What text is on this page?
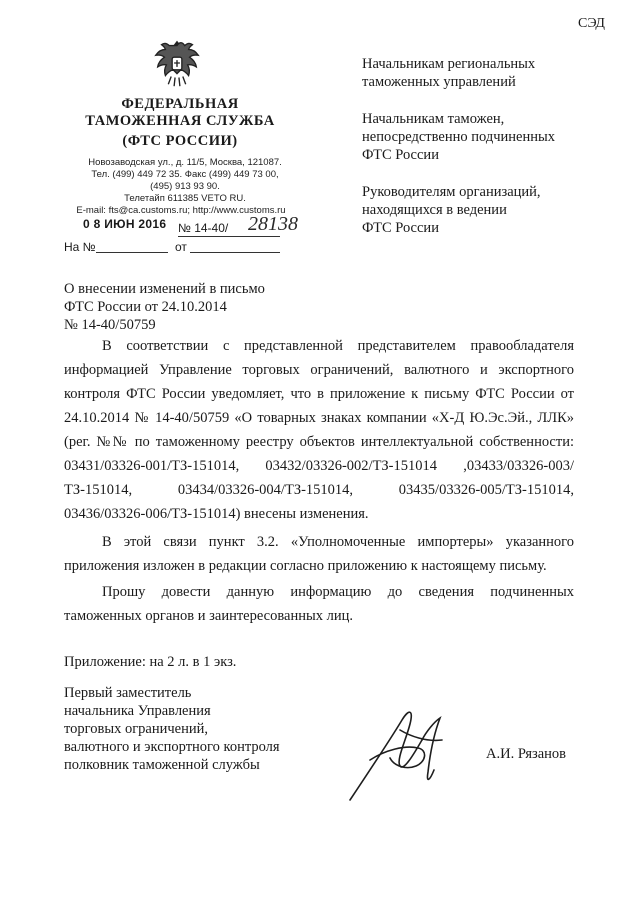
СЭД
ФЕДЕРАЛЬНАЯ
ТАМОЖЕННАЯ СЛУЖБА
(ФТС РОССИИ)
Новозаводская ул., д. 11/5, Москва, 121087.
Тел. (499) 449 72 35. Факс (499) 449 73 00,
(495) 913 93 90.
Телетайп 611385 VETO RU.
E-mail: fts@ca.customs.ru; http://www.customs.ru
0 8 ИЮН 2016 № 14-40/ 28138
На №	от
Начальникам региональных
таможенных управлений
Начальникам таможен,
непосредственно подчиненных
ФТС России
Руководителям организаций,
находящихся в ведении
ФТС России
О внесении изменений в письмо
ФТС России от 24.10.2014
№ 14-40/50759
В соответствии с представленной представителем правообладателя информацией Управление торговых ограничений, валютного и экспортного контроля ФТС России уведомляет, что в приложение к письму ФТС России от 24.10.2014 № 14-40/50759 «О товарных знаках компании «Х-Д Ю.Эс.Эй., ЛЛК» (рег. №№ по таможенному реестру объектов интеллектуальной собственности: 03431/03326-001/ТЗ-151014, 03432/03326-002/ТЗ-151014 ,03433/03326-003/ТЗ-151014, 03434/03326-004/ТЗ-151014, 03435/03326-005/ТЗ-151014, 03436/03326-006/ТЗ-151014) внесены изменения.
В этой связи пункт 3.2. «Уполномоченные импортеры» указанного приложения изложен в редакции согласно приложению к настоящему письму.
Прошу довести данную информацию до сведения подчиненных таможенных органов и заинтересованных лиц.
Приложение: на 2 л. в 1 экз.
Первый заместитель
начальника Управления
торговых ограничений,
валютного и экспортного контроля
полковник таможенной службы
А.И. Рязанов
